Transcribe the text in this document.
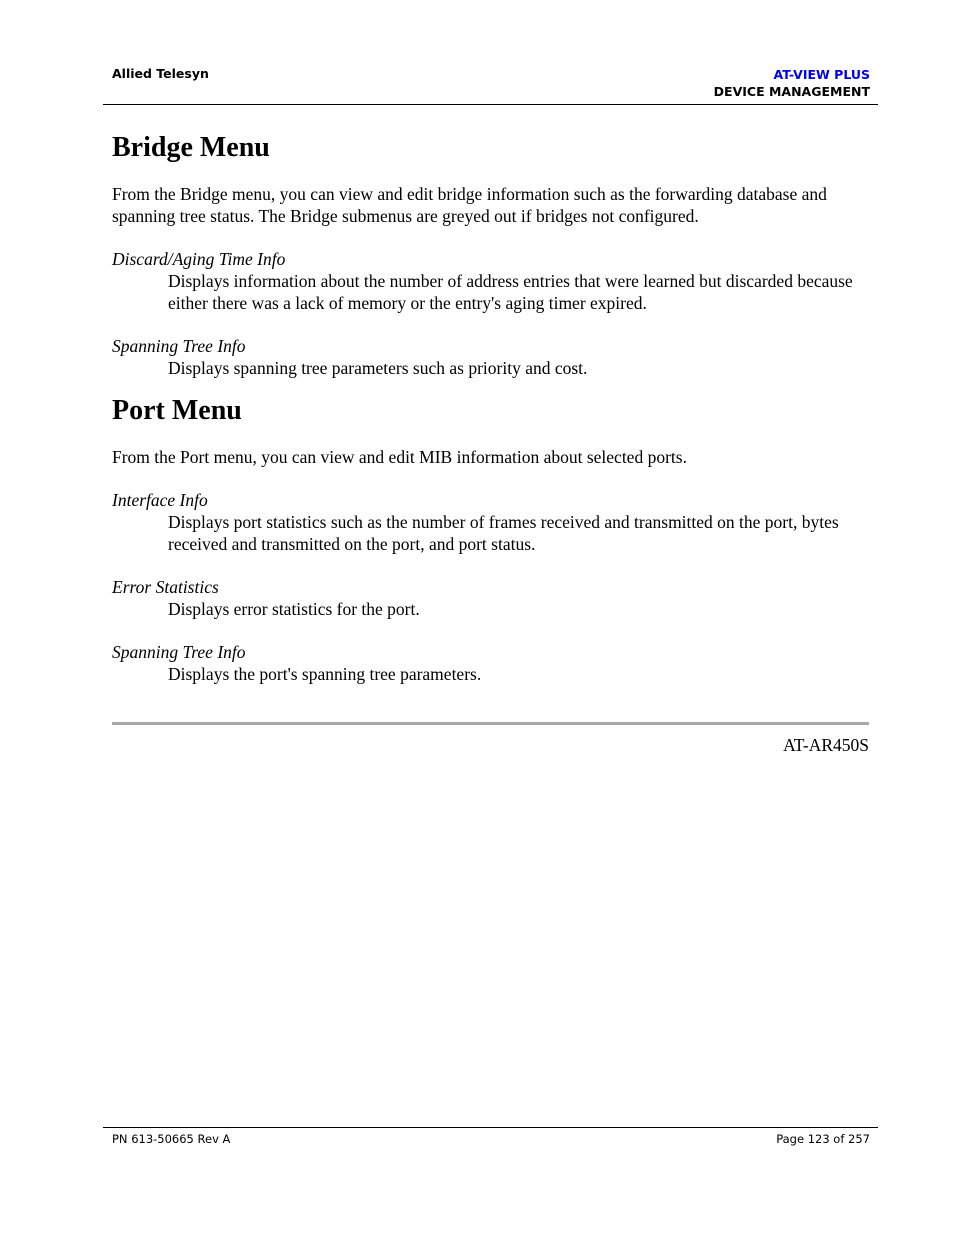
Allied Telesyn	AT-VIEW PLUS
DEVICE MANAGEMENT
Bridge Menu

From the Bridge menu, you can view and edit bridge information such as the forwarding database and spanning tree status. The Bridge submenus are greyed out if bridges not configured.

Discard/Aging Time Info

Displays information about the number of address entries that were learned but discarded because either there was a lack of memory or the entry's aging timer expired.

Spanning Tree Info

Displays spanning tree parameters such as priority and cost.

Port Menu

From the Port menu, you can view and edit MIB information about selected ports.

Interface Info

Displays port statistics such as the number of frames received and transmitted on the port, bytes received and transmitted on the port, and port status.

Error Statistics

Displays error statistics for the port.

Spanning Tree Info

Displays the port's spanning tree parameters.

AT-AR450S
PN 613-50665 Rev A	Page 123 of 257
